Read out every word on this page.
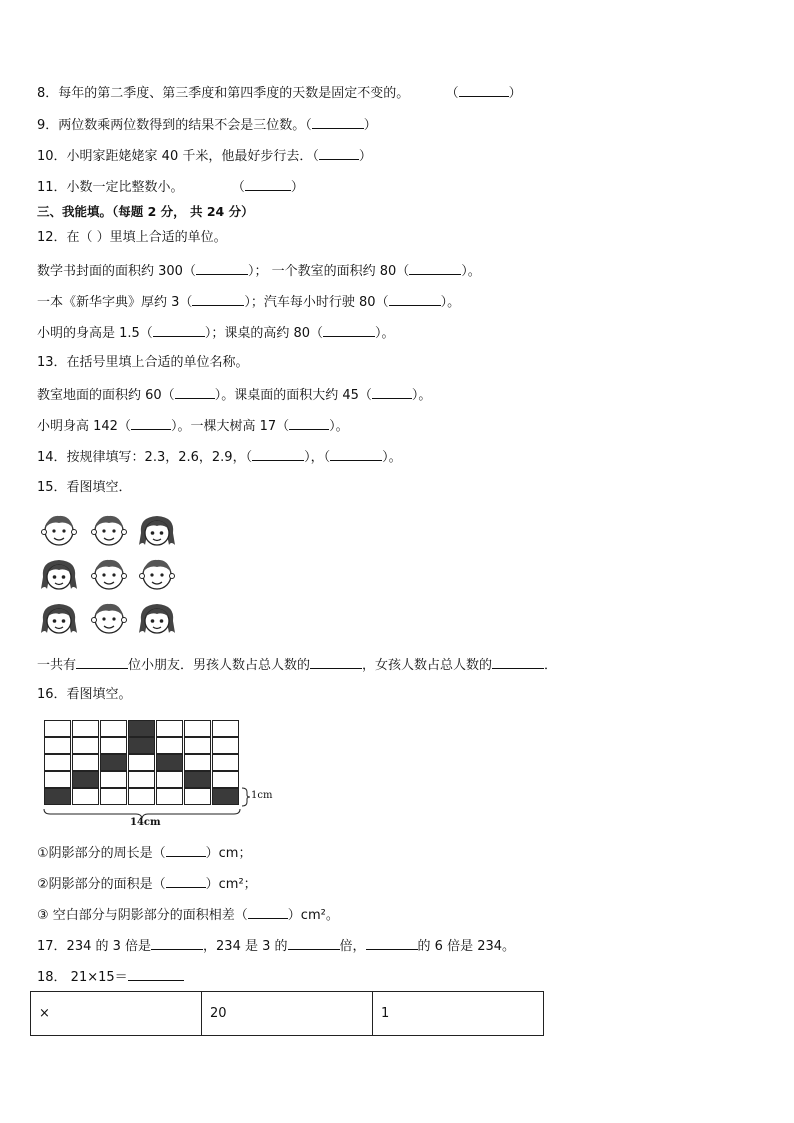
8．每年的第二季度、第三季度和第四季度的天数是固定不变的。	（	）
9．两位数乘两位数得到的结果不会是三位数。（	）
10．小明家距姥姥家 40 千米，他最好步行去．（	）
11．小数一定比整数小。	（	）
三、我能填。（每题 2 分， 共 24 分）
12．在（ ）里填上合适的单位。
数学书封面的面积约 300（	）； 一个教室的面积约 80（	）。
一本《新华字典》厚约 3（	）；汽车每小时行驶 80（	）。
小明的身高是 1.5（	）；课桌的高约 80（	）。
13．在括号里填上合适的单位名称。
教室地面的面积约 60（	）。课桌面的面积大约 45（	）。
小明身高 142（	）。一棵大树高 17（	）。
14．按规律填写：2.3，2.6，2.9，（	），（	）。
15．看图填空．
一共有	位小朋友．男孩人数占总人数的	，女孩人数占总人数的	．
16．看图填空。
1cm
14cm
①阴影部分的周长是（	）cm；
②阴影部分的面积是（	）cm²；
③ 空白部分与阴影部分的面积相差（	）cm²。
17．234 的 3 倍是	，234 是 3 的	倍，	的 6 倍是 234。
18． 21×15＝
×	20	1
